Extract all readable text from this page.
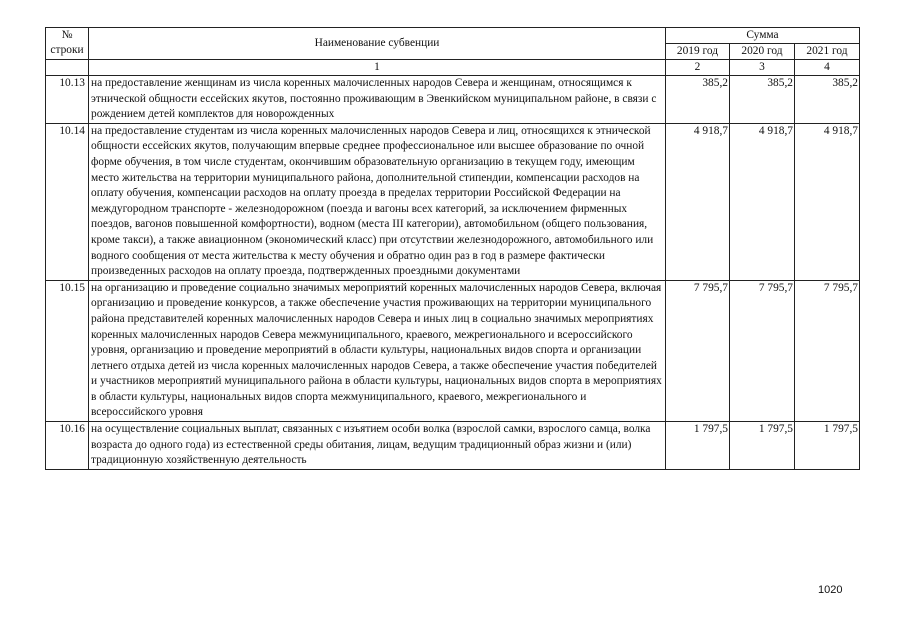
№
строки	Наименование субвенции	Сумма		
		2019 год	2020 год	2021 год
	1	2	3	4
10.13	на предоставление женщинам из числа коренных малочисленных народов Севера и женщинам, относящимся к этнической общности ессейских якутов, постоянно проживающим в Эвенкийском муниципальном районе, в связи с рождением детей комплектов для новорожденных	385,2	385,2	385,2
10.14	на предоставление студентам из числа коренных малочисленных народов Севера и лиц, относящихся к этнической общности ессейских якутов, получающим впервые среднее профессиональное или высшее образование по очной форме обучения, в том числе студентам, окончившим образовательную организацию в текущем году, имеющим место жительства на территории муниципального района, дополнительной стипендии, компенсации расходов на оплату обучения, компенсации расходов на оплату проезда в пределах территории Российской Федерации на междугородном транспорте - железнодорожном (поезда и вагоны всех категорий, за исключением фирменных поездов, вагонов повышенной комфортности), водном (места III категории), автомобильном (общего пользования, кроме такси), а также авиационном (экономический класс) при отсутствии железнодорожного, автомобильного или водного сообщения от места жительства к месту обучения и обратно один раз в год в размере фактически произведенных расходов на оплату проезда, подтвержденных проездными документами	4 918,7	4 918,7	4 918,7
10.15	на организацию и проведение социально значимых мероприятий коренных малочисленных народов Севера, включая организацию и проведение конкурсов, а также обеспечение участия проживающих на территории муниципального района представителей коренных малочисленных народов Севера и иных лиц в социально значимых мероприятиях коренных малочисленных народов Севера межмуниципального, краевого, межрегионального и всероссийского уровня, организацию и проведение мероприятий в области культуры, национальных видов спорта и организации летнего отдыха детей из числа коренных малочисленных народов Севера, а также обеспечение участия победителей и участников мероприятий муниципального района в области культуры, национальных видов спорта в мероприятиях в области культуры, национальных видов спорта межмуниципального, краевого, межрегионального и всероссийского уровня	7 795,7	7 795,7	7 795,7
10.16	на осуществление социальных выплат, связанных с изъятием особи волка (взрослой самки, взрослого самца, волка возраста до одного года) из естественной среды обитания, лицам, ведущим традиционный образ жизни и (или) традиционную хозяйственную деятельность	1 797,5	1 797,5	1 797,5
1020
